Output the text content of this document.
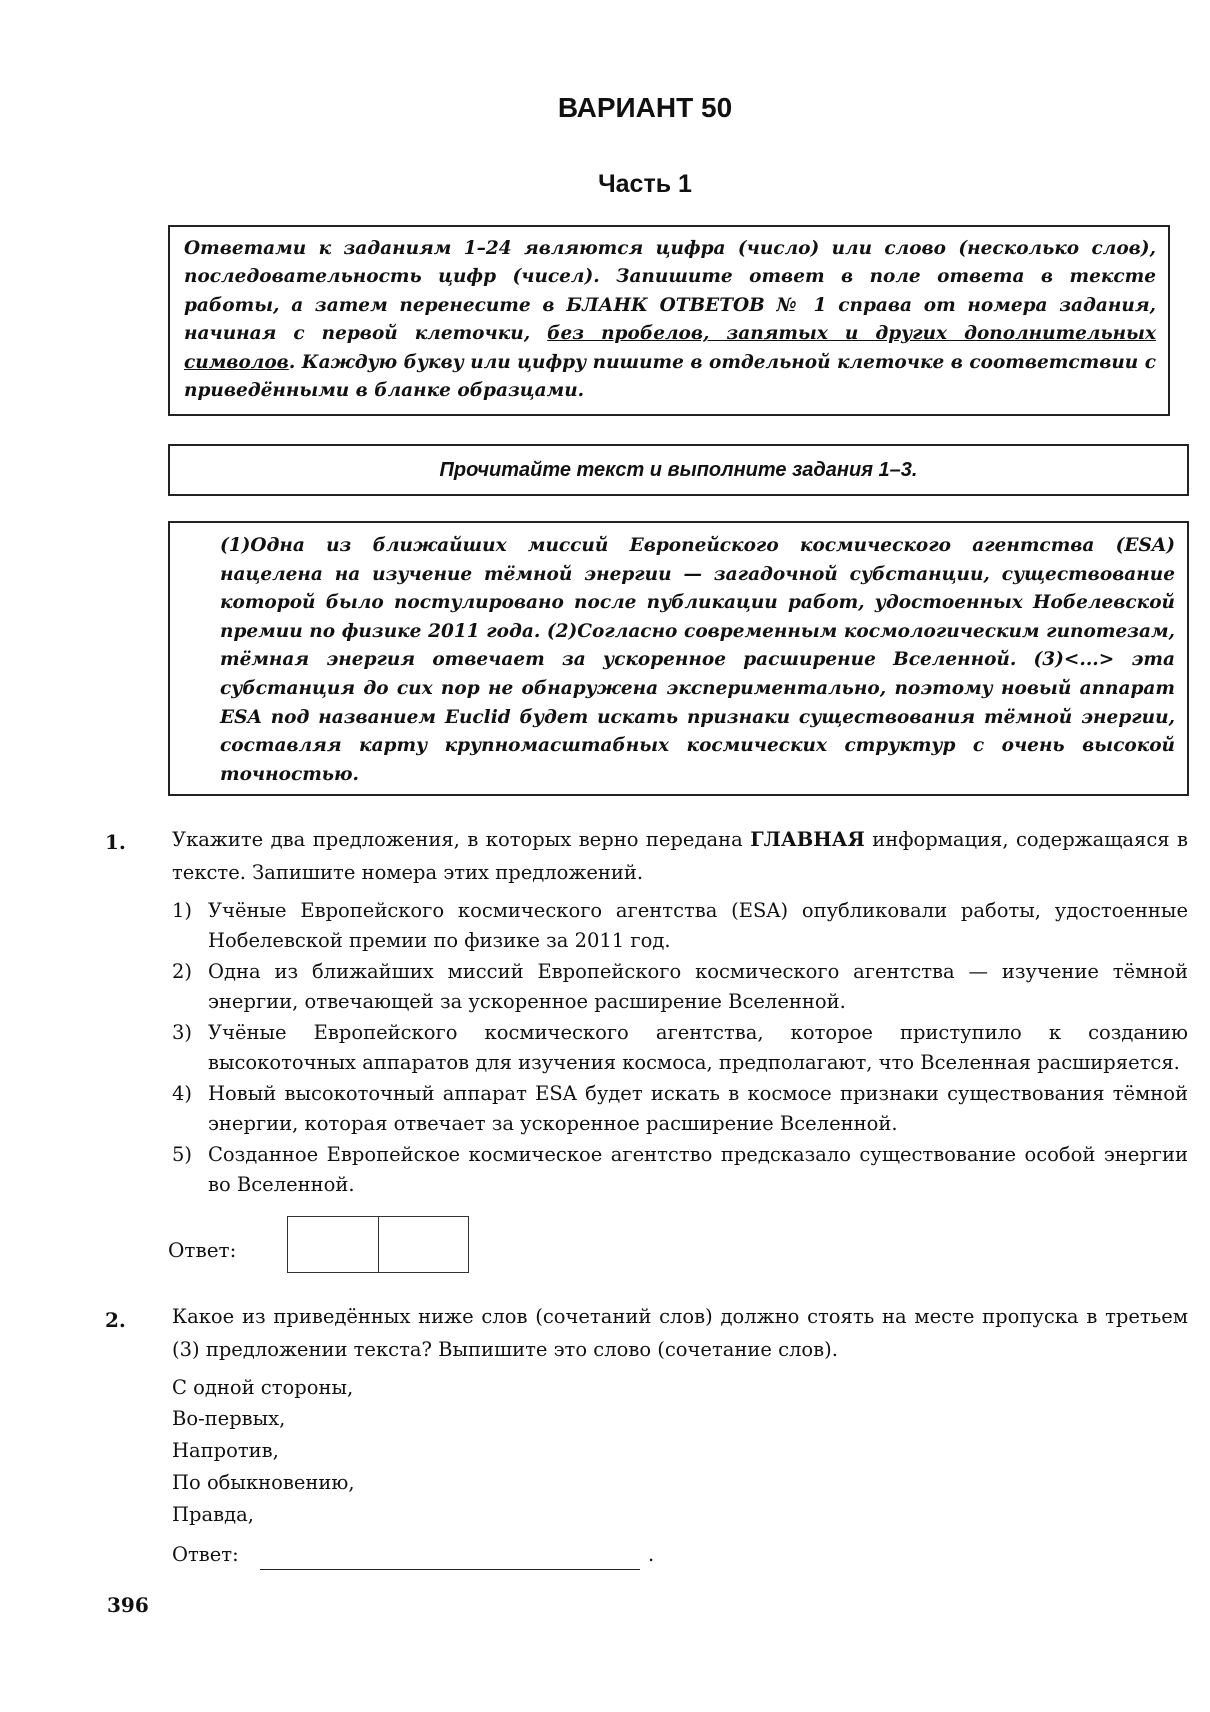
ВАРИАНТ 50
Часть 1
Ответами к заданиям 1–24 являются цифра (число) или слово (несколько слов), последовательность цифр (чисел). Запишите ответ в поле ответа в тексте работы, а затем перенесите в БЛАНК ОТВЕТОВ № 1 справа от номера задания, начиная с первой клеточки, без пробелов, запятых и других дополнительных символов. Каждую букву или цифру пишите в отдельной клеточке в соответствии с приведёнными в бланке образцами.
Прочитайте текст и выполните задания 1–3.
(1)Одна из ближайших миссий Европейского космического агентства (ESA) нацелена на изучение тёмной энергии — загадочной субстанции, существование которой было постулировано после публикации работ, удостоенных Нобелевской премии по физике 2011 года. (2)Согласно современным космологическим гипотезам, тёмная энергия отвечает за ускоренное расширение Вселенной. (3)<...> эта субстанция до сих пор не обнаружена экспериментально, поэтому новый аппарат ESA под названием Euclid будет искать признаки существования тёмной энергии, составляя карту крупномасштабных космических структур с очень высокой точностью.
1. Укажите два предложения, в которых верно передана ГЛАВНАЯ информация, содержащаяся в тексте. Запишите номера этих предложений.
1) Учёные Европейского космического агентства (ESA) опубликовали работы, удостоенные Нобелевской премии по физике за 2011 год.
2) Одна из ближайших миссий Европейского космического агентства — изучение тёмной энергии, отвечающей за ускоренное расширение Вселенной.
3) Учёные Европейского космического агентства, которое приступило к созданию высокоточных аппаратов для изучения космоса, предполагают, что Вселенная расширяется.
4) Новый высокоточный аппарат ESA будет искать в космосе признаки существования тёмной энергии, которая отвечает за ускоренное расширение Вселенной.
5) Созданное Европейское космическое агентство предсказало существование особой энергии во Вселенной.
Ответ:
2. Какое из приведённых ниже слов (сочетаний слов) должно стоять на месте пропуска в третьем (3) предложении текста? Выпишите это слово (сочетание слов).
С одной стороны,
Во-первых,
Напротив,
По обыкновению,
Правда,
Ответ:	.
396
